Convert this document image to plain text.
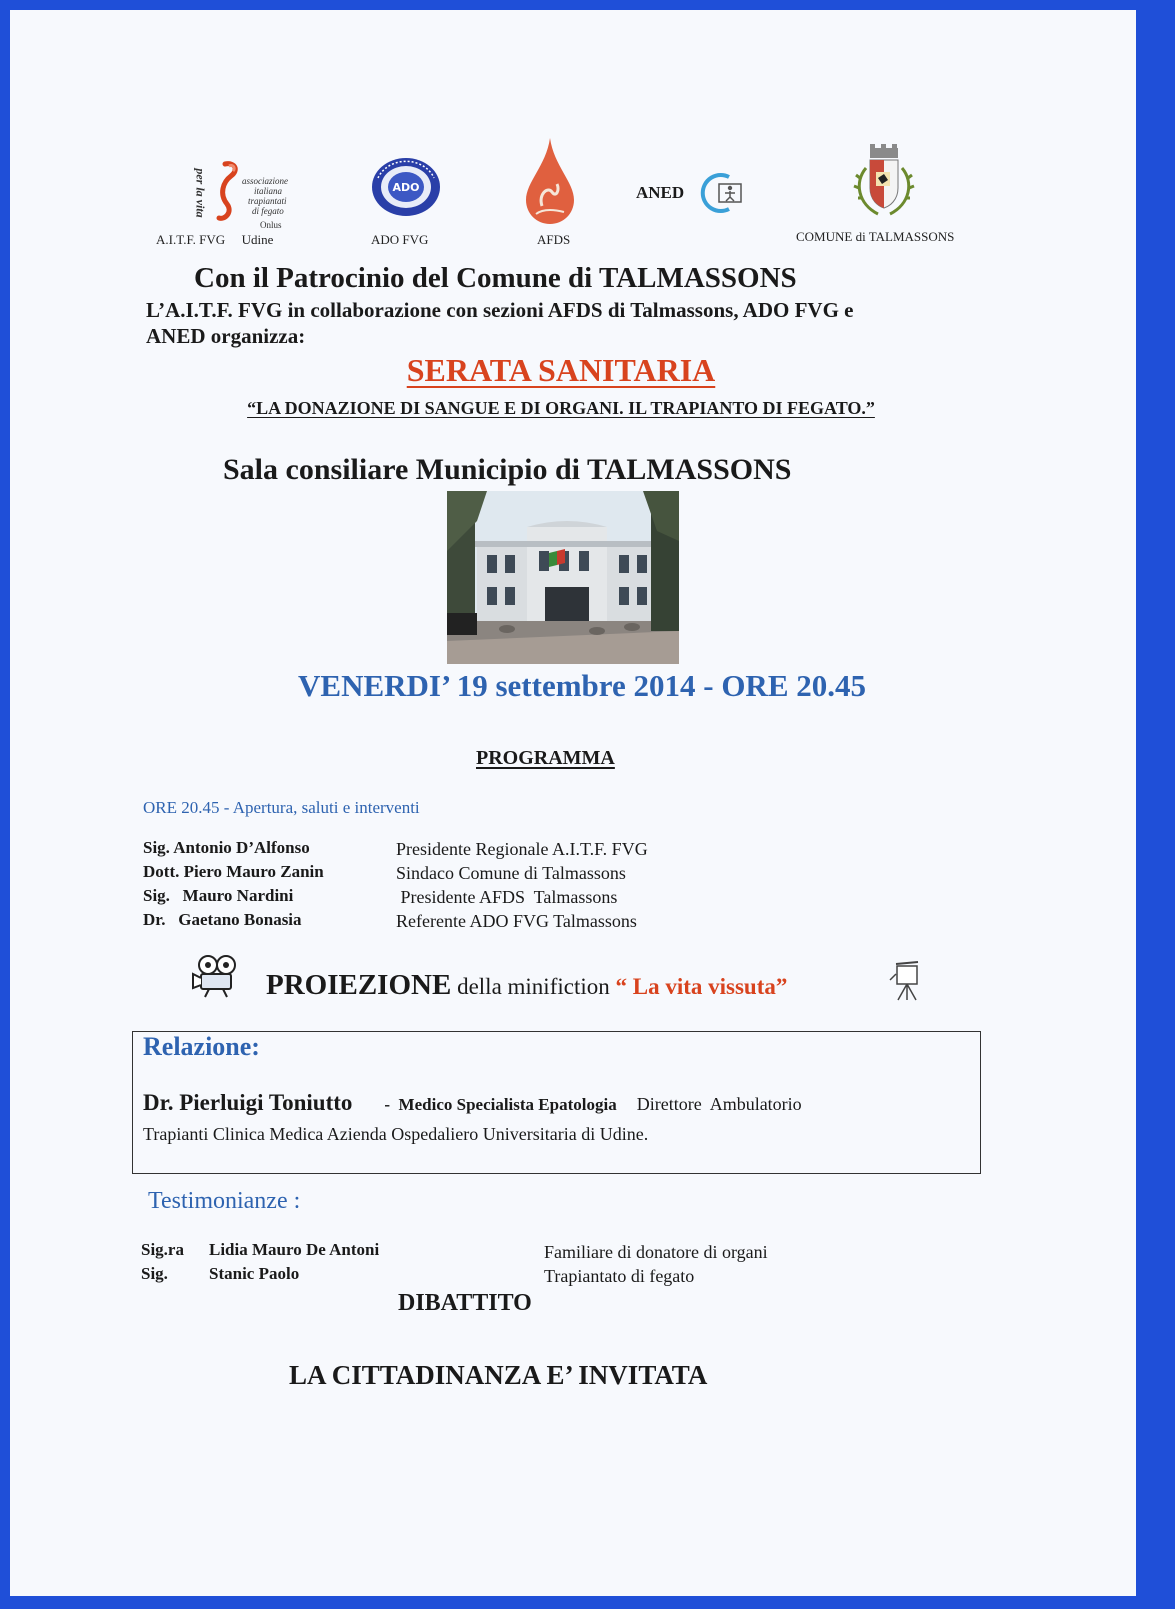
per la vita	associazione
italiana
trapiantati
di fegato
Onlus
A.I.T.F. FVG Udine
ADO
ADO FVG	AFDS
ANED
COMUNE di TALMASSONS
Con il Patrocinio del Comune di TALMASSONS
L’A.I.T.F. FVG in collaborazione con sezioni AFDS di Talmassons, ADO FVG e
ANED organizza:
SERATA SANITARIA
“LA DONAZIONE DI SANGUE E DI ORGANI. IL TRAPIANTO DI FEGATO.”
Sala consiliare Municipio di TALMASSONS
VENERDI’ 19 settembre 2014 - ORE 20.45
PROGRAMMA
ORE 20.45 - Apertura, saluti e interventi
Sig. Antonio D’Alfonso	Presidente Regionale A.I.T.F. FVG
Dott. Piero Mauro Zanin	Sindaco Comune di Talmassons
Sig.   Mauro Nardini	Presidente AFDS  Talmassons
Dr.   Gaetano Bonasia	Referente ADO FVG Talmassons
PROIEZIONE della minifiction “ La vita vissuta”
Relazione:
Dr. Pierluigi Toniutto -  Medico Specialista Epatologia Direttore  Ambulatorio
Trapianti Clinica Medica Azienda Ospedaliero Universitaria di Udine.
Testimonianze :
Sig.ra Lidia Mauro De Antoni	Familiare di donatore di organi
Sig. Stanic Paolo	Trapiantato di fegato
DIBATTITO
LA CITTADINANZA E’ INVITATA
